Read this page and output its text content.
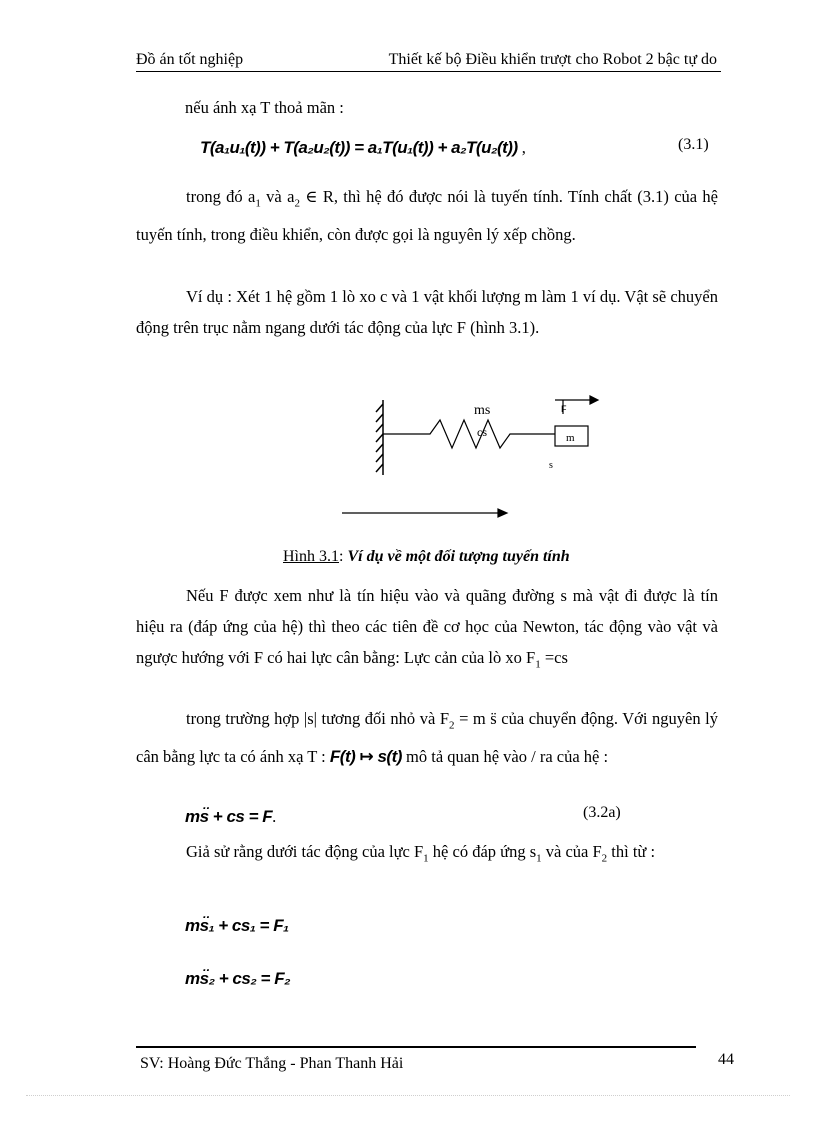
Đồ án tốt nghiệp	Thiết kế bộ Điều khiển trượt cho Robot 2 bậc tự do
nếu ánh xạ T thoả mãn :
T(a₁u₁(t)) + T(a₂u₂(t)) = a₁T(u₁(t)) + a₂T(u₂(t)) ,	(3.1)
trong đó $a_1$ và $a_2$ ∈ R, thì hệ đó được nói là tuyến tính. Tính chất (3.1) của hệ tuyến tính, trong điều khiển, còn được gọi là nguyên lý xếp chồng.
Ví dụ : Xét 1 hệ gồm 1 lò xo c và 1 vật khối lượng m làm 1 ví dụ. Vật sẽ chuyển động trên trục nằm ngang dưới tác động của lực F (hình 3.1).
m
F
ms
cs
s
Hình 3.1: Ví dụ về một đối tượng tuyến tính
Nếu F được xem như là tín hiệu vào và quãng đường s mà vật đi được là tín hiệu ra (đáp ứng của hệ) thì theo các tiên đề cơ học của Newton, tác động vào vật và ngược hướng với F có hai lực cân bằng: Lực cản của lò xo $F_1 =cs$
trong trường hợp |s| tương đối nhỏ và $F_2 = m$ s̈ của chuyển động. Với nguyên lý cân bằng lực ta có ánh xạ T : F(t) ↦ s(t) mô tả quan hệ vào / ra của hệ :
ms̈ + cs = F.	(3.2a)
Giả sử rằng dưới tác động của lực $F_1$ hệ có đáp ứng $s_1$ và của $F_2$ thì từ :
ms̈₁ + cs₁ = F₁
ms̈₂ + cs₂ = F₂
SV: Hoàng Đức Thắng - Phan Thanh Hải	44
